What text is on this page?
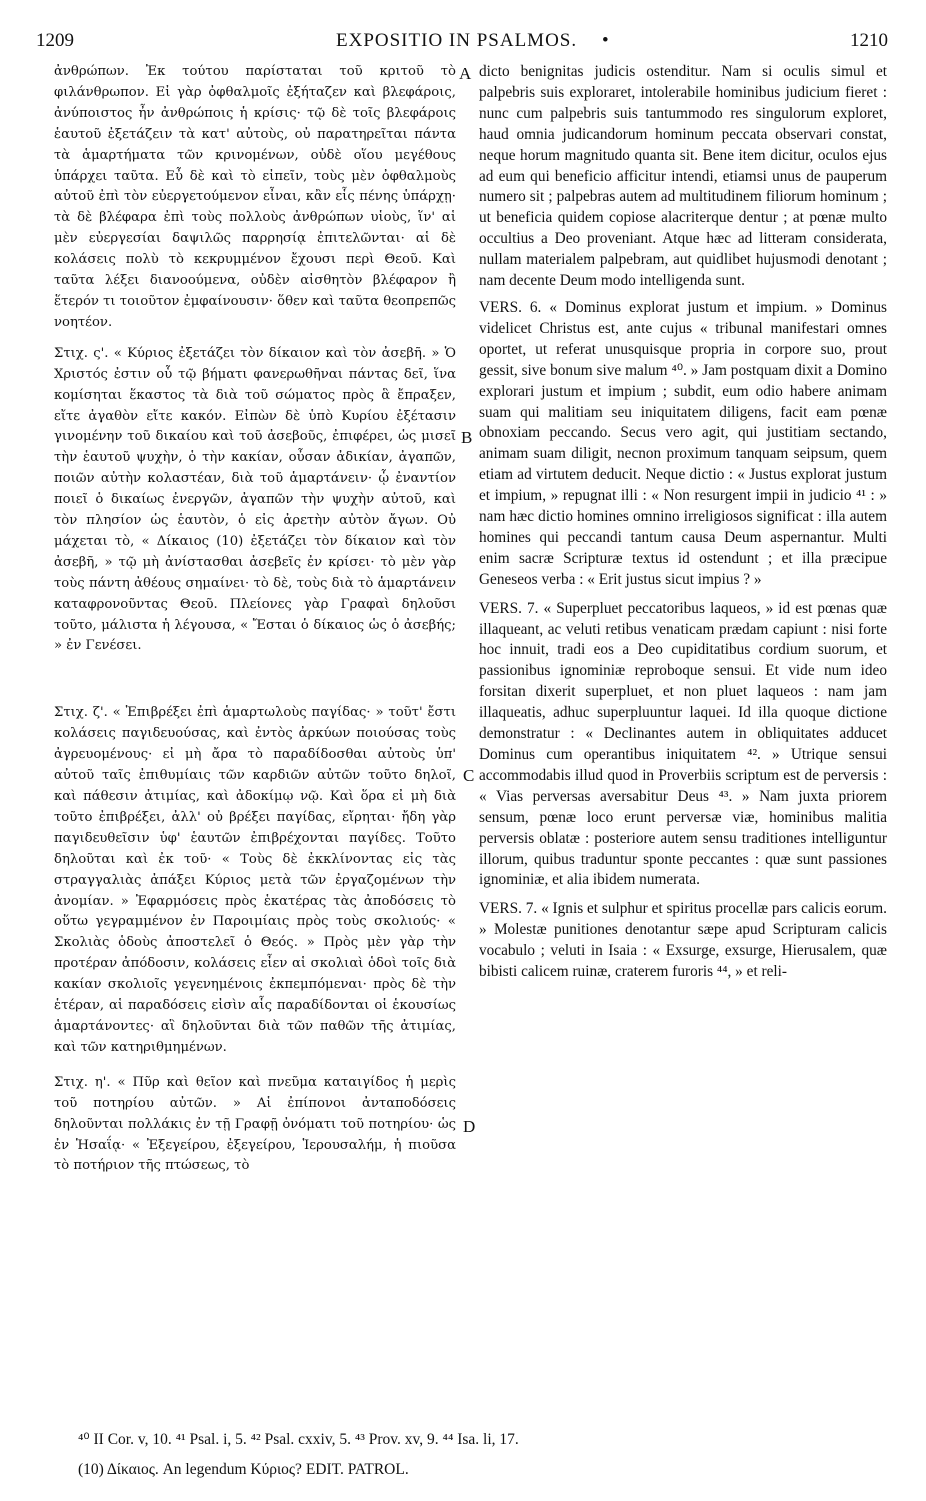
1209	EXPOSITIO IN PSALMOS. •	1210

ἀνθρώπων. Ἐκ τούτου παρίσταται τοῦ κριτοῦ τὸ φιλάνθρωπον. Εἰ γὰρ ὀφθαλμοῖς ἐξήταζεν καὶ βλεφάροις, ἀνύποιστος ἦν ἀνθρώποις ἡ κρίσις· τῷ δὲ τοῖς βλεφάροις ἑαυτοῦ ἐξετάζειν τὰ κατ' αὐτοὺς, οὐ παρατηρεῖται πάντα τὰ ἁμαρτήματα τῶν κρινομένων, οὐδὲ οἵου μεγέθους ὑπάρχει ταῦτα. Εὖ δὲ καὶ τὸ εἰπεῖν, τοὺς μὲν ὀφθαλμοὺς αὐτοῦ ἐπὶ τὸν εὐεργετούμενον εἶναι, κἂν εἷς πένης ὑπάρχῃ· τὰ δὲ βλέφαρα ἐπὶ τοὺς πολλοὺς ἀνθρώπων υἱοὺς, ἵν' αἱ μὲν εὐεργεσίαι δαψιλῶς παρρησίᾳ ἐπιτελῶνται· αἱ δὲ κολάσεις πολὺ τὸ κεκρυμμένον ἔχουσι περὶ Θεοῦ. Καὶ ταῦτα λέξει διανοούμενα, οὐδὲν αἰσθητὸν βλέφαρον ἢ ἕτερόν τι τοιοῦτον ἐμφαίνουσιν· ὅθεν καὶ ταῦτα θεοπρεπῶς νοητέον.

Στιχ. ς'. « Κύριος ἐξετάζει τὸν δίκαιον καὶ τὸν ἀσεβῆ. » Ὁ Χριστός ἐστιν οὗ τῷ βήματι φανερωθῆναι πάντας δεῖ, ἵνα κομίσηται ἕκαστος τὰ διὰ τοῦ σώματος πρὸς ἃ ἔπραξεν, εἴτε ἀγαθὸν εἴτε κακόν. Εἰπὼν δὲ ὑπὸ Κυρίου ἐξέτασιν γινομένην τοῦ δικαίου καὶ τοῦ ἀσεβοῦς, ἐπιφέρει, ὡς μισεῖ τὴν ἑαυτοῦ ψυχὴν, ὁ τὴν κακίαν, οὖσαν ἀδικίαν, ἀγαπῶν, ποιῶν αὐτὴν κολαστέαν, διὰ τοῦ ἁμαρτάνειν· ᾧ ἐναντίον ποιεῖ ὁ δικαίως ἐνεργῶν, ἀγαπῶν τὴν ψυχὴν αὐτοῦ, καὶ τὸν πλησίον ὡς ἑαυτὸν, ὁ εἰς ἀρετὴν αὐτὸν ἄγων. Οὐ μάχεται τὸ, « Δίκαιος (10) ἐξετάζει τὸν δίκαιον καὶ τὸν ἀσεβῆ, » τῷ μὴ ἀνίστασθαι ἀσεβεῖς ἐν κρίσει· τὸ μὲν γὰρ τοὺς πάντη ἀθέους σημαίνει· τὸ δὲ, τοὺς διὰ τὸ ἁμαρτάνειν καταφρονοῦντας Θεοῦ. Πλείονες γὰρ Γραφαὶ δηλοῦσι τοῦτο, μάλιστα ἡ λέγουσα, « Ἔσται ὁ δίκαιος ὡς ὁ ἀσεβής; » ἐν Γενέσει.

Στιχ. ζ'. « Ἐπιβρέξει ἐπὶ ἁμαρτωλοὺς παγίδας· » τοῦτ' ἔστι κολάσεις παγιδευούσας, καὶ ἐντὸς ἀρκύων ποιούσας τοὺς ἀγρευομένους· εἰ μὴ ἄρα τὸ παραδίδοσθαι αὐτοὺς ὑπ' αὐτοῦ ταῖς ἐπιθυμίαις τῶν καρδιῶν αὐτῶν τοῦτο δηλοῖ, καὶ πάθεσιν ἀτιμίας, καὶ ἀδοκίμῳ νῷ. Καὶ ὅρα εἰ μὴ διὰ τοῦτο ἐπιβρέξει, ἀλλ' οὐ βρέξει παγίδας, εἴρηται· ἤδη γὰρ παγιδευθεῖσιν ὑφ' ἑαυτῶν ἐπιβρέχονται παγίδες. Τοῦτο δηλοῦται καὶ ἐκ τοῦ· « Τοὺς δὲ ἐκκλίνοντας εἰς τὰς στραγγαλιὰς ἀπάξει Κύριος μετὰ τῶν ἐργαζομένων τὴν ἀνομίαν. » Ἐφαρμόσεις πρὸς ἑκατέρας τὰς ἀποδόσεις τὸ οὕτω γεγραμμένον ἐν Παροιμίαις πρὸς τοὺς σκολιούς· « Σκολιὰς ὁδοὺς ἀποστελεῖ ὁ Θεός. » Πρὸς μὲν γὰρ τὴν προτέραν ἀπόδοσιν, κολάσεις εἶεν αἱ σκολιαὶ ὁδοὶ τοῖς διὰ κακίαν σκολιοῖς γεγενημένοις ἐκπεμπόμεναι· πρὸς δὲ τὴν ἑτέραν, αἱ παραδόσεις εἰσὶν αἷς παραδίδονται οἱ ἑκουσίως ἁμαρτάνοντες· αἳ δηλοῦνται διὰ τῶν παθῶν τῆς ἀτιμίας, καὶ τῶν κατηριθμημένων.

Στιχ. η'. « Πῦρ καὶ θεῖον καὶ πνεῦμα καταιγίδος ἡ μερὶς τοῦ ποτηρίου αὐτῶν. » Αἱ ἐπίπονοι ἀνταποδόσεις δηλοῦνται πολλάκις ἐν τῇ Γραφῇ ὀνόματι τοῦ ποτηρίου· ὡς ἐν Ἡσαΐᾳ· « Ἐξεγείρου, ἐξεγείρου, Ἱερουσαλήμ, ἡ πιοῦσα τὸ ποτήριον τῆς πτώσεως, τὸ

dicto benignitas judicis ostenditur. Nam si oculis simul et palpebris suis exploraret, intolerabile hominibus judicium fieret : nunc cum palpebris suis tantummodo res singulorum exploret, haud omnia judicandorum hominum peccata observari constat, neque horum magnitudo quanta sit. Bene item dicitur, oculos ejus ad eum qui beneficio afficitur intendi, etiamsi unus de pauperum numero sit ; palpebras autem ad multitudinem filiorum hominum ; ut beneficia quidem copiose alacriterque dentur ; at pœnæ multo occultius a Deo proveniant. Atque hæc ad litteram considerata, nullam materialem palpebram, aut quidlibet hujusmodi denotant ; nam decente Deum modo intelligenda sunt.

VERS. 6. « Dominus explorat justum et impium. » Dominus videlicet Christus est, ante cujus « tribunal manifestari omnes oportet, ut referat unusquisque propria in corpore suo, prout gessit, sive bonum sive malum ⁴⁰. » Jam postquam dixit a Domino explorari justum et impium ; subdit, eum odio habere animam suam qui malitiam seu iniquitatem diligens, facit eam pœnæ obnoxiam peccando. Secus vero agit, qui justitiam sectando, animam suam diligit, necnon proximum tanquam seipsum, quem etiam ad virtutem deducit. Neque dictio : « Justus explorat justum et impium, » repugnat illi : « Non resurgent impii in judicio ⁴¹ : » nam hæc dictio homines omnino irreligiosos significat : illa autem homines qui peccandi tantum causa Deum aspernantur. Multi enim sacræ Scripturæ textus id ostendunt ; et illa præcipue Geneseos verba : « Erit justus sicut impius ? »

VERS. 7. « Superpluet peccatoribus laqueos, » id est pœnas quæ illaqueant, ac veluti retibus venaticam prædam capiunt : nisi forte hoc innuit, tradi eos a Deo cupiditatibus cordium suorum, et passionibus ignominiæ reproboque sensui. Et vide num ideo forsitan dixerit superpluet, et non pluet laqueos : nam jam illaqueatis, adhuc superpluuntur laquei. Id illa quoque dictione demonstratur : « Declinantes autem in obliquitates adducet Dominus cum operantibus iniquitatem ⁴². » Utrique sensui accommodabis illud quod in Proverbiis scriptum est de perversis : « Vias perversas aversabitur Deus ⁴³. » Nam juxta priorem sensum, pœnæ loco erunt perversæ viæ, hominibus malitia perversis oblatæ : posteriore autem sensu traditiones intelliguntur illorum, quibus traduntur sponte peccantes : quæ sunt passiones ignominiæ, et alia ibidem numerata.

VERS. 7. « Ignis et sulphur et spiritus procellæ pars calicis eorum. » Molestæ punitiones denotantur sæpe apud Scripturam calicis vocabulo ; veluti in Isaia : « Exsurge, exsurge, Hierusalem, quæ bibisti calicem ruinæ, craterem furoris ⁴⁴, » et reli-

A
B
C
D
⁴⁰ II Cor. v, 10. ⁴¹ Psal. i, 5. ⁴² Psal. cxxiv, 5. ⁴³ Prov. xv, 9. ⁴⁴ Isa. li, 17.
(10) Δίκαιος. An legendum Κύριος? EDIT. PATROL.
